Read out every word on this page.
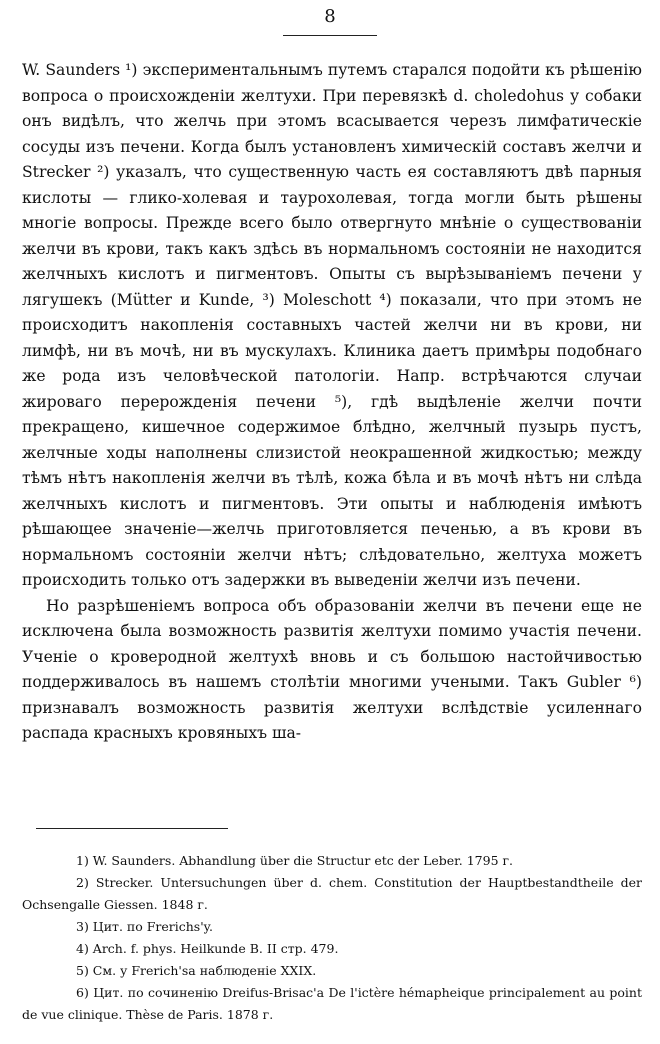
8

W. Saunders ¹) экспериментальнымъ путемъ старался подойти къ рѣшенію вопроса о происхожденіи желтухи. При перевязкѣ d. choledohus у собаки онъ видѣлъ, что желчь при этомъ всасывается черезъ лимфатическіе сосуды изъ печени. Когда былъ установленъ химическій составъ желчи и Strecker ²) указалъ, что существенную часть ея составляютъ двѣ парныя кислоты — глико-холевая и таурохолевая, тогда могли быть рѣшены многіе вопросы. Прежде всего было отвергнуто мнѣніе о существованіи желчи въ крови, такъ какъ здѣсь въ нормальномъ состояніи не находится желчныхъ кислотъ и пигментовъ. Опыты съ вырѣзываніемъ печени у лягушекъ (Mütter и Kunde, ³) Moleschott ⁴) показали, что при этомъ не происходитъ накопленія составныхъ частей желчи ни въ крови, ни лимфѣ, ни въ мочѣ, ни въ мускулахъ. Клиника даетъ примѣры подобнаго же рода изъ человѣческой патологіи. Напр. встрѣчаются случаи жироваго перерожденія печени ⁵), гдѣ выдѣленіе желчи почти прекращено, кишечное содержимое блѣдно, желчный пузырь пустъ, желчные ходы наполнены слизистой неокрашенной жидкостью; между тѣмъ нѣтъ накопленія желчи въ тѣлѣ, кожа бѣла и въ мочѣ нѣтъ ни слѣда желчныхъ кислотъ и пигментовъ. Эти опыты и наблюденія имѣютъ рѣшающее значеніе—желчь приготовляется печенью, а въ крови въ нормальномъ состояніи желчи нѣтъ; слѣдовательно, желтуха можетъ происходить только отъ задержки въ выведеніи желчи изъ печени.

Но разрѣшеніемъ вопроса объ образованіи желчи въ печени еще не исключена была возможность развитія желтухи помимо участія печени. Ученіе о кроверодной желтухѣ вновь и съ большою настойчивостью поддерживалось въ нашемъ столѣтіи многими учеными. Такъ Gubler ⁶) признавалъ возможность развитія желтухи вслѣдствіе усиленнаго распада красныхъ кровяныхъ ша-

1) W. Saunders. Abhandlung über die Structur etc der Leber. 1795 г.
2) Strecker. Untersuchungen über d. chem. Constitution der Hauptbestandtheile der Ochsengalle Giessen. 1848 г.
3) Цит. по Frerichs'y.
4) Arch. f. phys. Heilkunde B. II стр. 479.
5) См. у Frerich'sa наблюденіе XXIX.
6) Цит. по сочиненію Dreifus-Brisac'a De l'ictère hémapheique principalement au point de vue clinique. Thèse de Paris. 1878 г.
